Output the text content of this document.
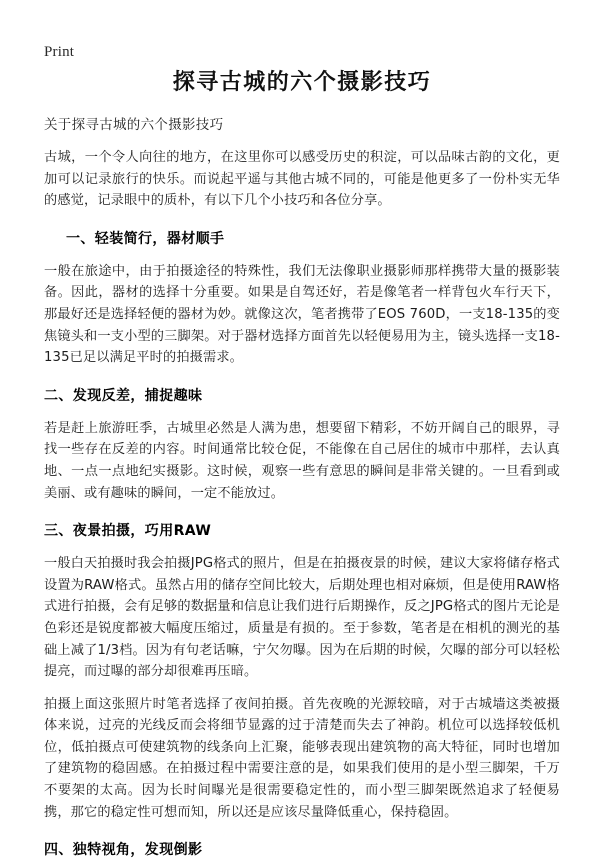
Print
探寻古城的六个摄影技巧
关于探寻古城的六个摄影技巧

古城，一个令人向往的地方，在这里你可以感受历史的积淀，可以品味古韵的文化，更加可以记录旅行的快乐。而说起平遥与其他古城不同的，可能是他更多了一份朴实无华的感觉，记录眼中的质朴，有以下几个小技巧和各位分享。

一、轻装简行，器材顺手

一般在旅途中，由于拍摄途径的特殊性，我们无法像职业摄影师那样携带大量的摄影装备。因此，器材的选择十分重要。如果是自驾还好，若是像笔者一样背包火车行天下，那最好还是选择轻便的器材为妙。就像这次，笔者携带了EOS 760D，一支18-135的变焦镜头和一支小型的三脚架。对于器材选择方面首先以轻便易用为主，镜头选择一支18-135已足以满足平时的拍摄需求。

二、发现反差，捕捉趣味

若是赶上旅游旺季，古城里必然是人满为患，想要留下精彩，不妨开阔自己的眼界，寻找一些存在反差的内容。时间通常比较仓促，不能像在自己居住的城市中那样，去认真地、一点一点地纪实摄影。这时候，观察一些有意思的瞬间是非常关键的。一旦看到或美丽、或有趣味的瞬间，一定不能放过。

三、夜景拍摄，巧用RAW

一般白天拍摄时我会拍摄JPG格式的照片，但是在拍摄夜景的时候，建议大家将储存格式设置为RAW格式。虽然占用的储存空间比较大，后期处理也相对麻烦，但是使用RAW格式进行拍摄，会有足够的数据量和信息让我们进行后期操作，反之JPG格式的图片无论是色彩还是锐度都被大幅度压缩过，质量是有损的。至于参数，笔者是在相机的测光的基础上减了1/3档。因为有句老话嘛，宁欠勿曝。因为在后期的时候，欠曝的部分可以轻松提亮，而过曝的部分却很难再压暗。

拍摄上面这张照片时笔者选择了夜间拍摄。首先夜晚的光源较暗，对于古城墙这类被摄体来说，过亮的光线反而会将细节显露的过于清楚而失去了神韵。机位可以选择较低机位，低拍摄点可使建筑物的线条向上汇聚，能够表现出建筑物的高大特征，同时也增加了建筑物的稳固感。在拍摄过程中需要注意的是，如果我们使用的是小型三脚架，千万不要架的太高。因为长时间曝光是很需要稳定性的，而小型三脚架既然追求了轻便易携，那它的稳定性可想而知，所以还是应该尽量降低重心，保持稳固。

四、独特视角，发现倒影
